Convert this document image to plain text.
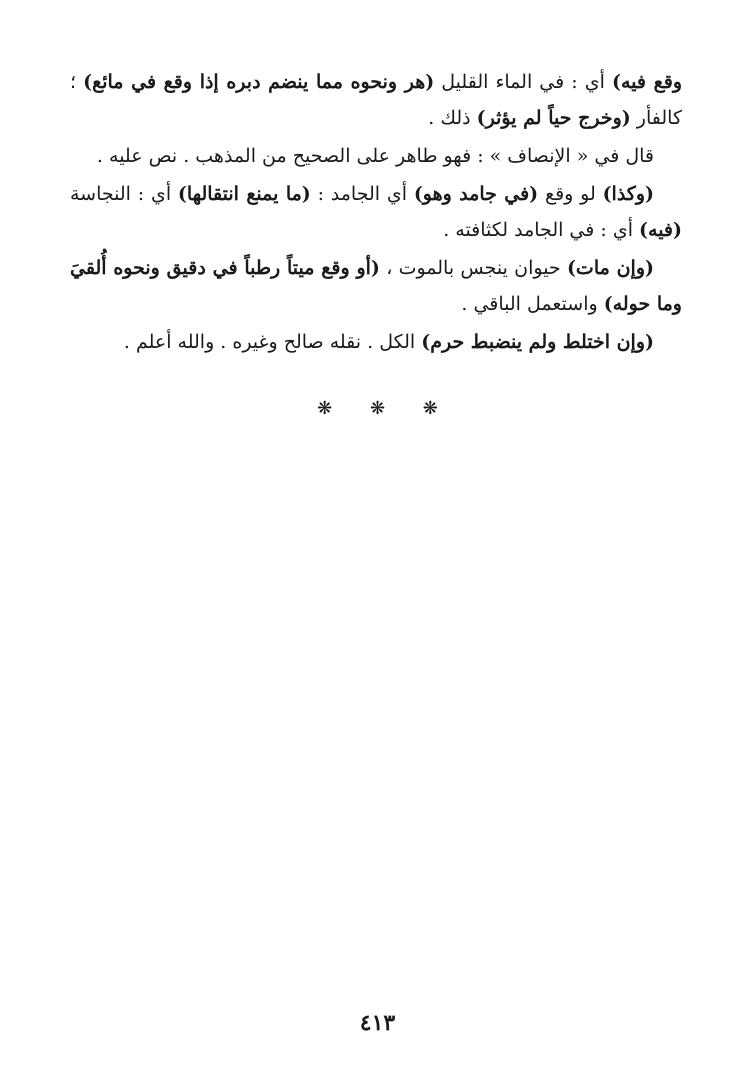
وقع فيه) أي : في الماء القليل (هر ونحوه مما ينضم دبره إذا وقع في مائع) ؛ كالفأر (وخرج حياً لم يؤثر) ذلك .

قال في « الإنصاف » : فهو طاهر على الصحيح من المذهب . نص عليه .

(وكذا) لو وقع (في جامد وهو) أي الجامد : (ما يمنع انتقالها) أي : النجاسة (فيه) أي : في الجامد لكثافته .

(وإن مات) حيوان ينجس بالموت ، (أو وقع ميتاً رطباً في دقيق ونحوه أُلقيَ وما حوله) واستعمل الباقي .

(وإن اختلط ولم ينضبط حرم) الكل . نقله صالح وغيره . والله أعلم .

❋ ❋ ❋
٤١٣
